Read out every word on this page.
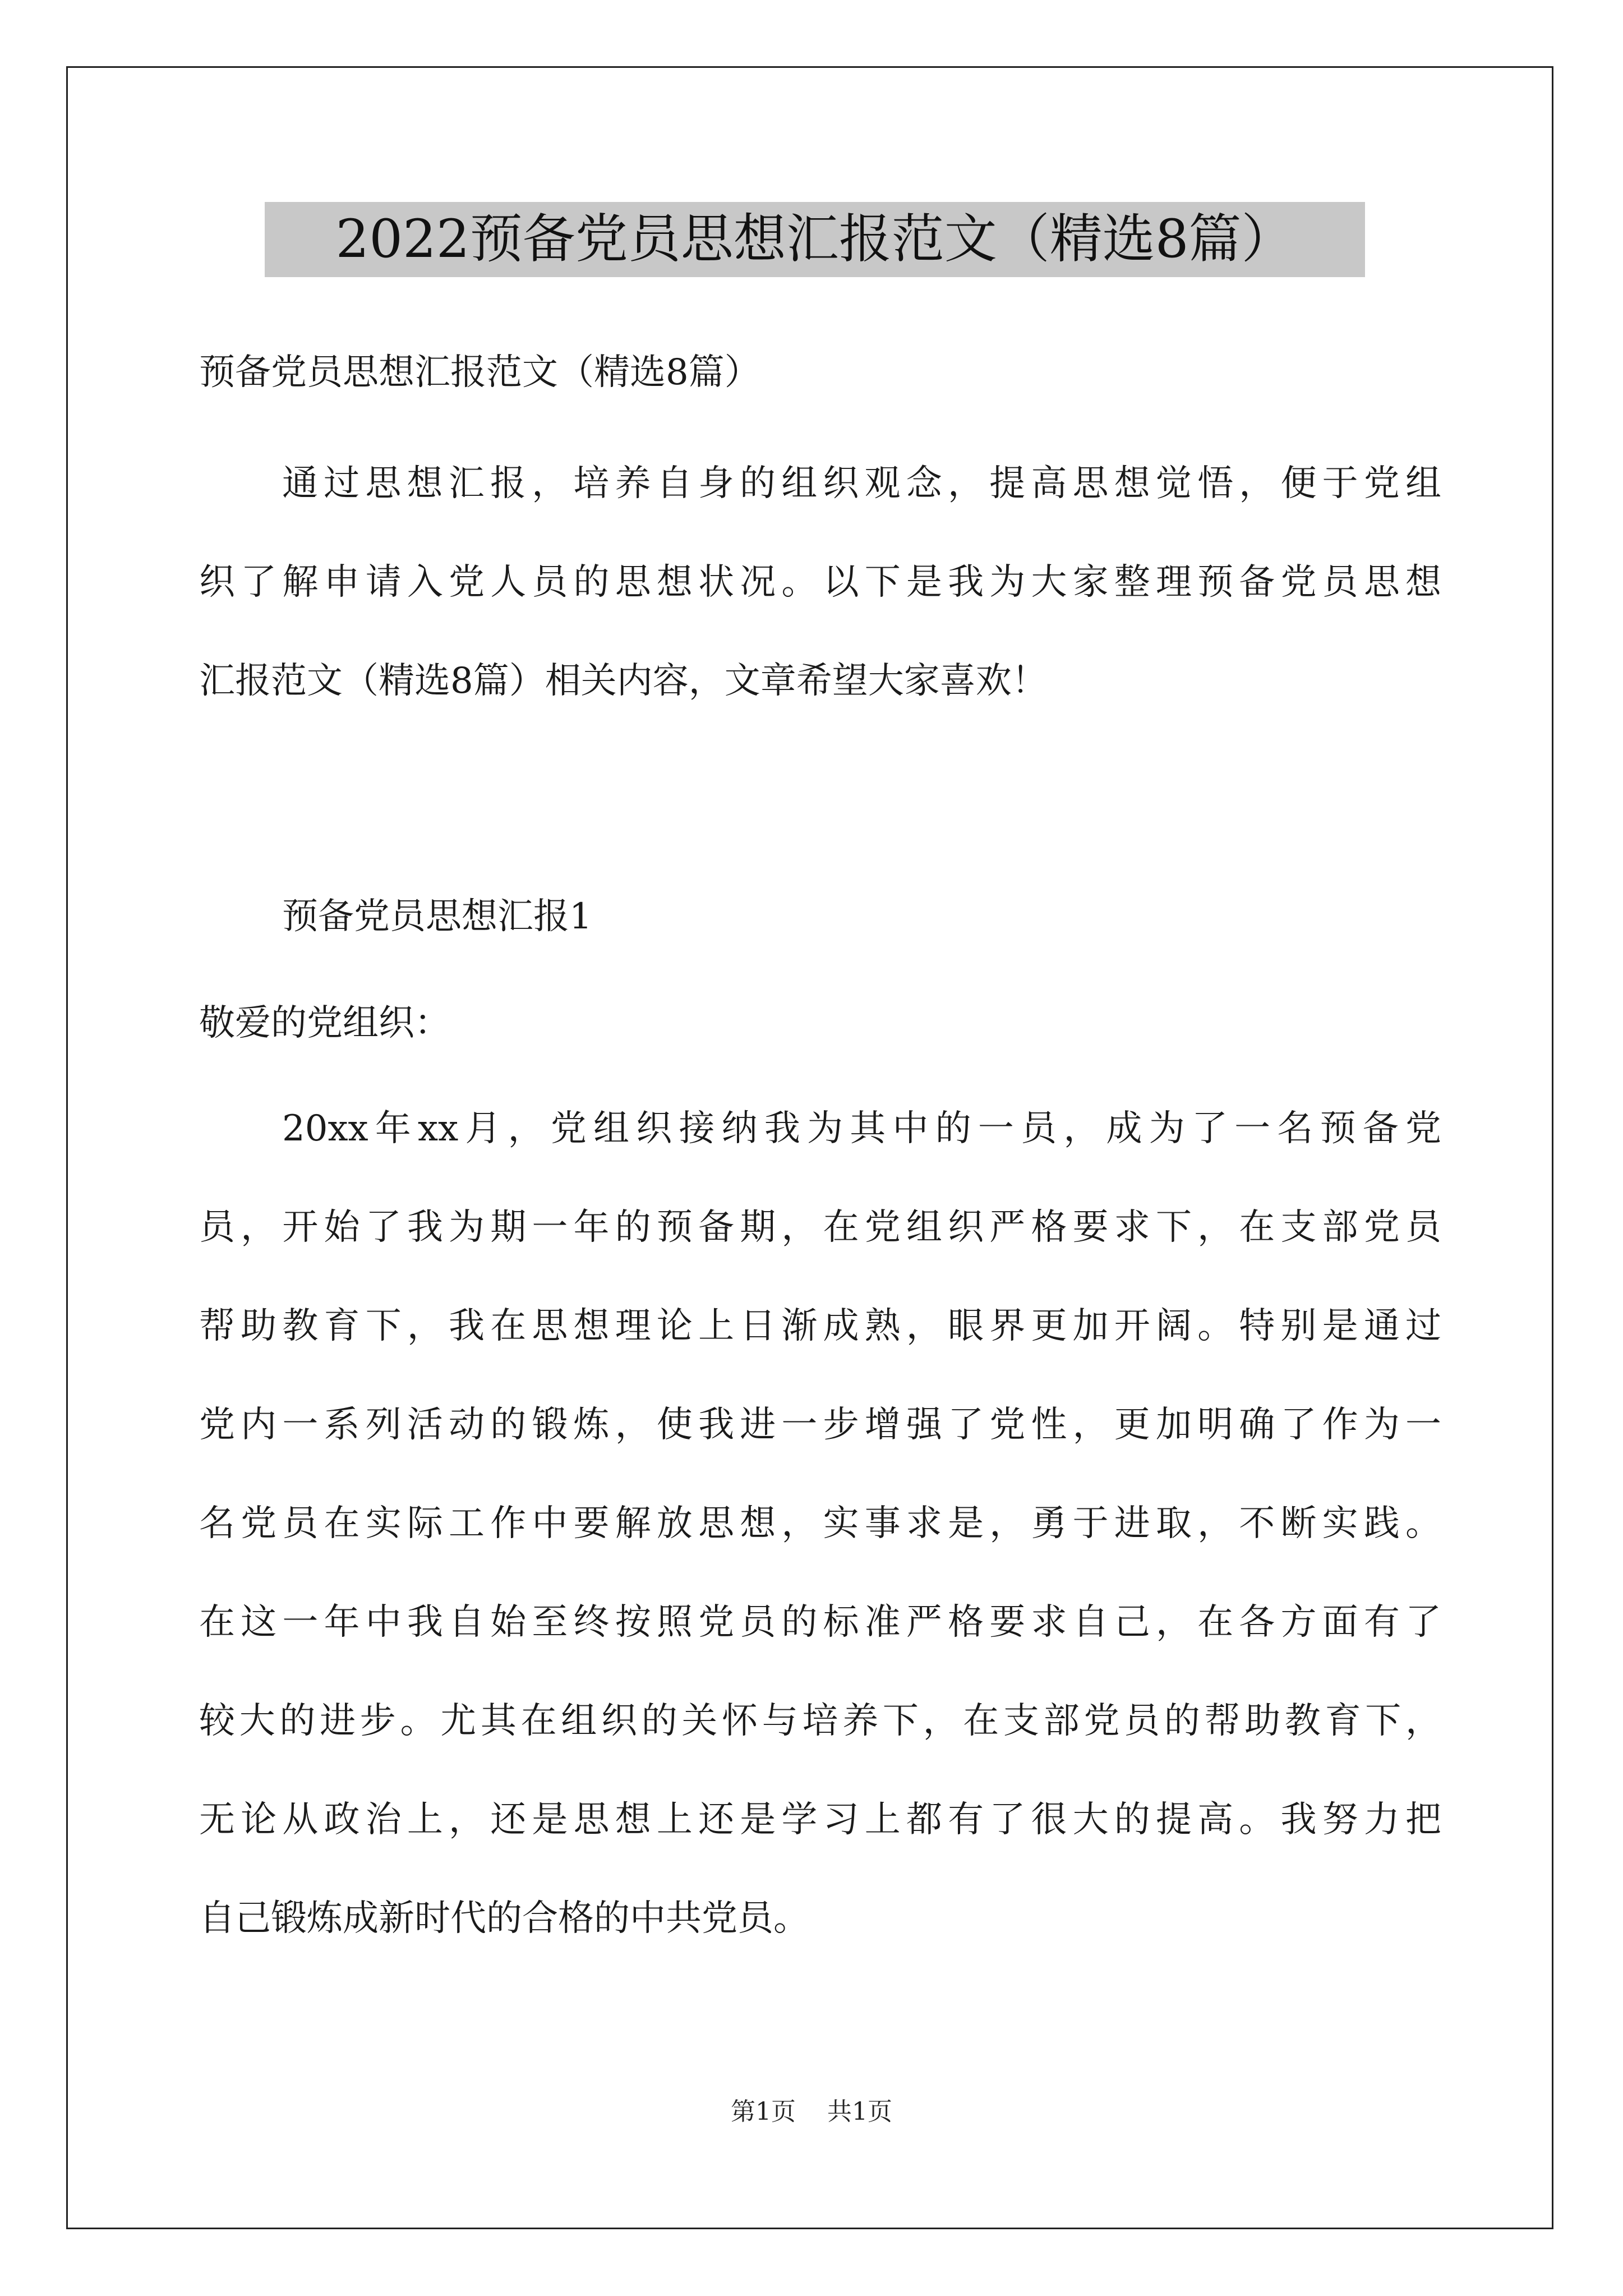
2022预备党员思想汇报范文（精选8篇）
预备党员思想汇报范文（精选8篇）
通过思想汇报，培养自身的组织观念，提高思想觉悟，便于党组
织了解申请入党人员的思想状况。以下是我为大家整理预备党员思想
汇报范文（精选8篇）相关内容，文章希望大家喜欢！
预备党员思想汇报1
敬爱的党组织：
20xx年xx月，党组织接纳我为其中的一员，成为了一名预备党
员，开始了我为期一年的预备期，在党组织严格要求下，在支部党员
帮助教育下，我在思想理论上日渐成熟，眼界更加开阔。特别是通过
党内一系列活动的锻炼，使我进一步增强了党性，更加明确了作为一
名党员在实际工作中要解放思想，实事求是，勇于进取，不断实践。
在这一年中我自始至终按照党员的标准严格要求自己，在各方面有了
较大的进步。尤其在组织的关怀与培养下，在支部党员的帮助教育下，
无论从政治上，还是思想上还是学习上都有了很大的提高。我努力把
自己锻炼成新时代的合格的中共党员。
第1页 共1页
